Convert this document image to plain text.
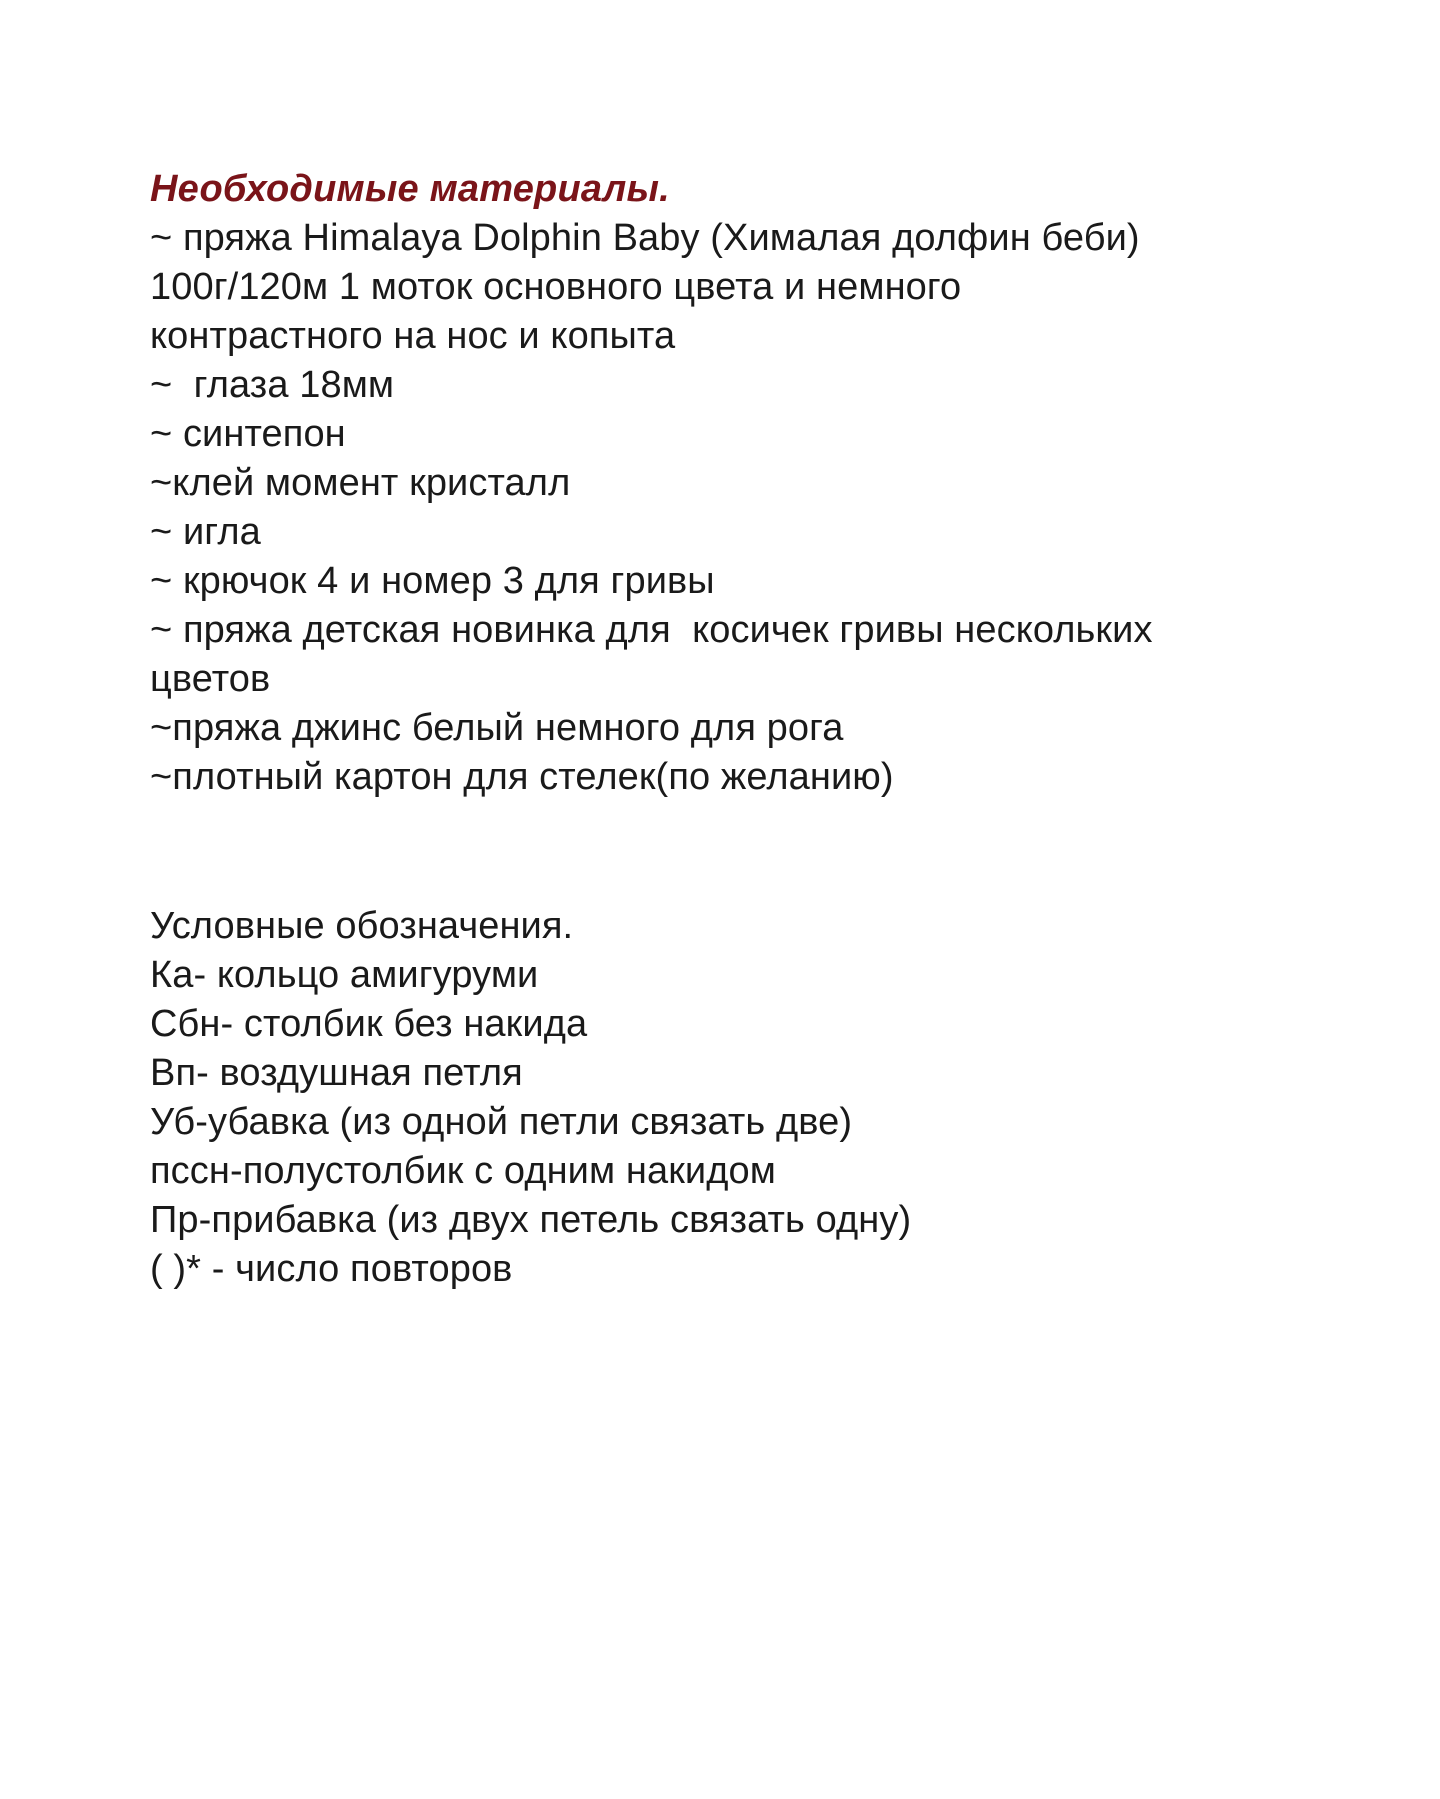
Необходимые материалы.

~ пряжа Himalaya Dolphin Baby (Хималая долфин беби)

100г/120м 1 моток основного цвета и немного

контрастного на нос и копыта

~  глаза 18мм

~ синтепон

~клей момент кристалл

~ игла

~ крючок 4 и номер 3 для гривы

~ пряжа детская новинка для  косичек гривы нескольких

цветов

~пряжа джинс белый немного для рога

~плотный картон для стелек(по желанию)

Условные обозначения.

Ка- кольцо амигуруми

Сбн- столбик без накида

Вп- воздушная петля

Уб-убавка (из одной петли связать две)

пссн-полустолбик с одним накидом

Пр-прибавка (из двух петель связать одну)

( )* - число повторов
